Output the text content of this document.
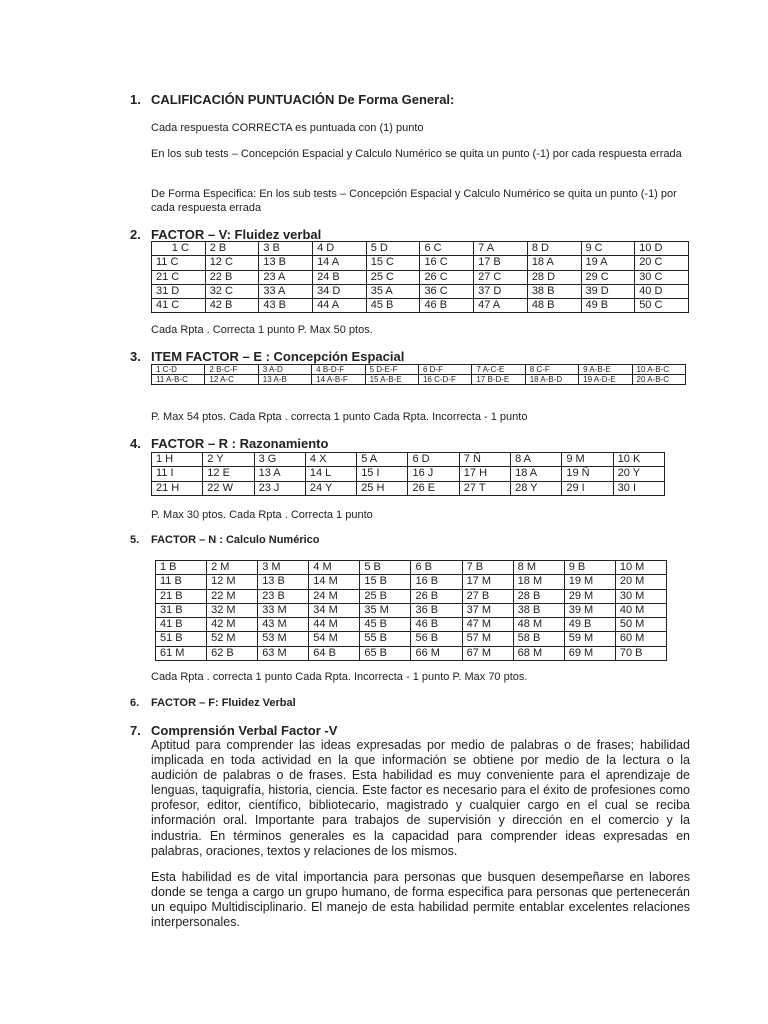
1. CALIFICACIÓN PUNTUACIÓN De Forma General:
Cada respuesta CORRECTA es puntuada con (1) punto
En los sub tests – Concepción Espacial y Calculo Numérico se quita un punto (-1) por cada respuesta errada
De Forma Especifica: En los sub tests – Concepción Espacial y Calculo Numérico se quita un punto (-1) por cada respuesta errada
2. FACTOR – V: Fluidez verbal
1 C	2 B	3 B	4 D	5 D	6 C	7 A	8 D	9 C	10 D
11 C	12 C	13 B	14 A	15 C	16 C	17 B	18 A	19 A	20 C
21 C	22 B	23 A	24 B	25 C	26 C	27 C	28 D	29 C	30 C
31 D	32 C	33 A	34 D	35 A	36 C	37 D	38 B	39 D	40 D
41 C	42 B	43 B	44 A	45 B	46 B	47 A	48 B	49 B	50 C
Cada Rpta . Correcta 1 punto P. Max 50 ptos.
3. ITEM FACTOR – E : Concepción Espacial
1 C-D	2 B-C-F	3 A-D	4 B-D-F	5 D-E-F	6 D-F	7 A-C-E	8 C-F	9 A-B-E	10 A-B-C
11 A-B-C	12 A-C	13 A-B	14 A-B-F	15 A-B-E	16 C-D-F	17 B-D-E	18 A-B-D	19 A-D-E	20 A-B-C
P. Max 54 ptos. Cada Rpta . correcta 1 punto Cada Rpta. Incorrecta - 1 punto
4. FACTOR – R : Razonamiento
1 H	2 Y	3 G	4 X	5 A	6 D	7 Ñ	8 A	9 M	10 K
11 I	12 E	13 A	14 L	15 I	16 J	17 H	18 A	19 Ñ	20 Y
21 H	22 W	23 J	24 Y	25 H	26 E	27 T	28 Y	29 I	30 I
P. Max 30 ptos. Cada Rpta . Correcta 1 punto
5. FACTOR – N : Calculo Numérico
1 B	2 M	3 M	4 M	5 B	6 B	7 B	8 M	9 B	10 M
11 B	12 M	13 B	14 M	15 B	16 B	17 M	18 M	19 M	20 M
21 B	22 M	23 B	24 M	25 B	26 B	27 B	28 B	29 M	30 M
31 B	32 M	33 M	34 M	35 M	36 B	37 M	38 B	39 M	40 M
41 B	42 M	43 M	44 M	45 B	46 B	47 M	48 M	49 B	50 M
51 B	52 M	53 M	54 M	55 B	56 B	57 M	58 B	59 M	60 M
61 M	62 B	63 M	64 B	65 B	66 M	67 M	68 M	69 M	70 B
Cada Rpta . correcta 1 punto Cada Rpta. Incorrecta - 1 punto P. Max 70 ptos.
6. FACTOR – F: Fluidez Verbal
7. Comprensión Verbal Factor -V
Aptitud para comprender las ideas expresadas por medio de palabras o de frases; habilidad implicada en toda actividad en la que información se obtiene por medio de la lectura o la audición de palabras o de frases. Esta habilidad es muy conveniente para el aprendizaje de lenguas, taquigrafía, historia, ciencia. Este factor es necesario para el éxito de profesiones como profesor, editor, científico, bibliotecario, magistrado y cualquier cargo en el cual se reciba información oral. Importante para trabajos de supervisión y dirección en el comercio y la industria. En términos generales es la capacidad para comprender ideas expresadas en palabras, oraciones, textos y relaciones de los mismos.
Esta habilidad es de vital importancia para personas que busquen desempeñarse en labores donde se tenga a cargo un grupo humano, de forma especifica para personas que pertenecerán un equipo Multidisciplinario. El manejo de esta habilidad permite entablar excelentes relaciones interpersonales.
